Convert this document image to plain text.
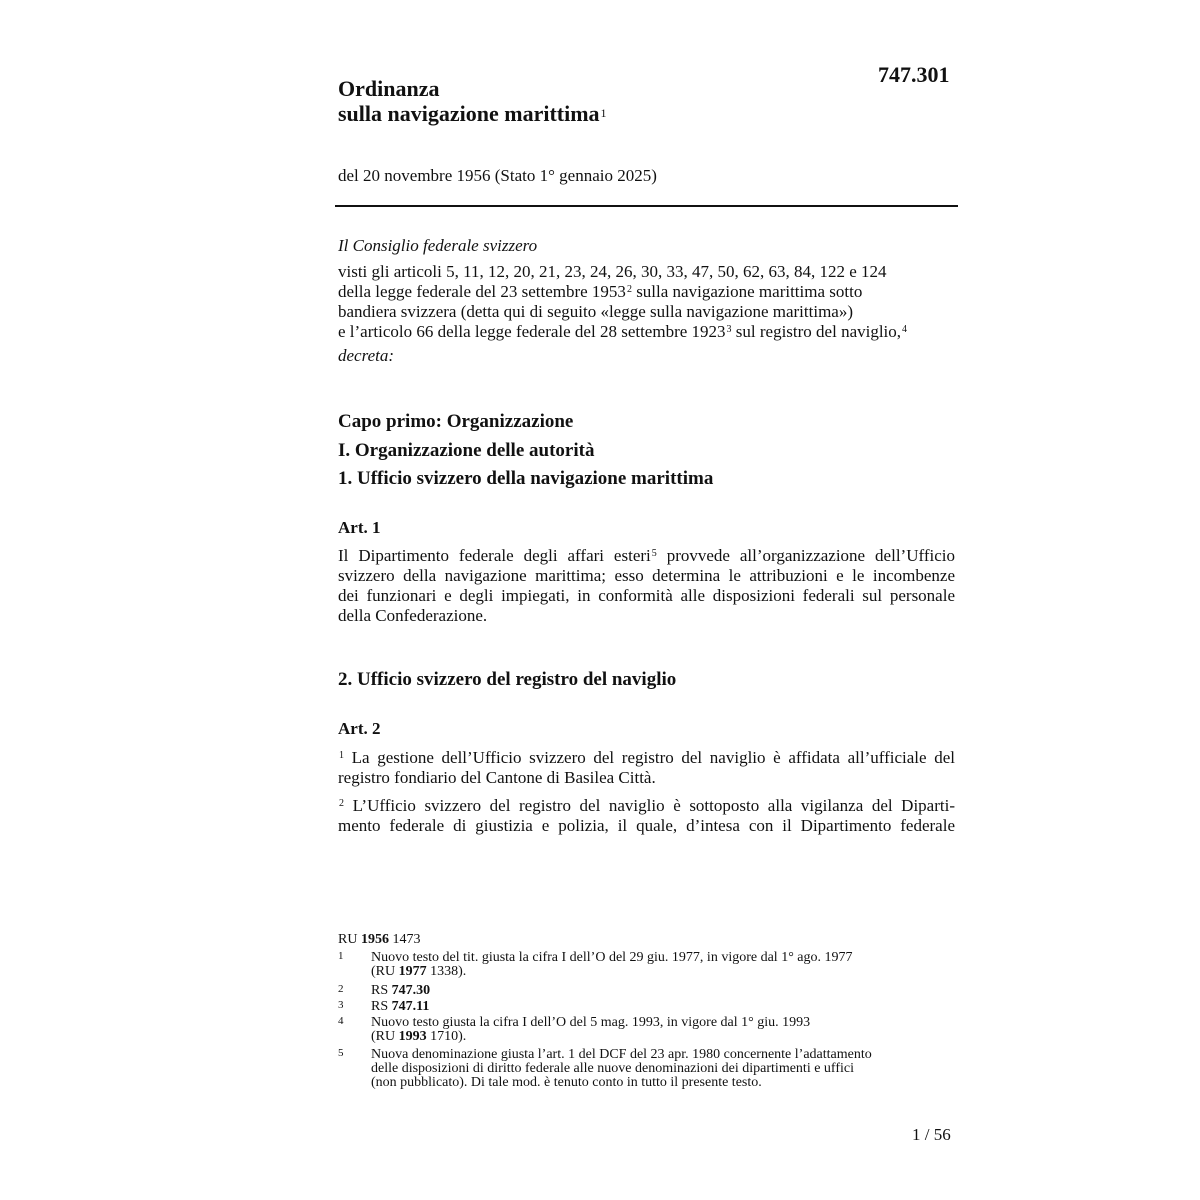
747.301
Ordinanza
sulla navigazione marittima$^1$
del 20 novembre 1956 (Stato 1° gennaio 2025)
Il Consiglio federale svizzero
visti gli articoli 5, 11, 12, 20, 21, 23, 24, 26, 30, 33, 47, 50, 62, 63, 84, 122 e 124
della legge federale del 23 settembre 1953$^2$ sulla navigazione marittima sotto
bandiera svizzera (detta qui di seguito «legge sulla navigazione marittima»)
e l’articolo 66 della legge federale del 28 settembre 1923$^3$ sul registro del naviglio,$^4$
decreta:
Capo primo: Organizzazione
I. Organizzazione delle autorità
1. Ufficio svizzero della navigazione marittima
Art. 1
Il Dipartimento federale degli affari esteri$^5$ provvede all’organizzazione dell’Ufficio
svizzero della navigazione marittima; esso determina le attribuzioni e le incombenze
dei funzionari e degli impiegati, in conformità alle disposizioni federali sul personale
della Confederazione.
2. Ufficio svizzero del registro del naviglio
Art. 2
$^1$ La gestione dell’Ufficio svizzero del registro del naviglio è affidata all’ufficiale del
registro fondiario del Cantone di Basilea Città.
$^2$ L’Ufficio svizzero del registro del naviglio è sottoposto alla vigilanza del Diparti-
mento federale di giustizia e polizia, il quale, d’intesa con il Dipartimento federale
RU 1956 1473
1 Nuovo testo del tit. giusta la cifra I dell’O del 29 giu. 1977, in vigore dal 1° ago. 1977
(RU 1977 1338).
2 RS 747.30
3 RS 747.11
4 Nuovo testo giusta la cifra I dell’O del 5 mag. 1993, in vigore dal 1° giu. 1993
(RU 1993 1710).
5 Nuova denominazione giusta l’art. 1 del DCF del 23 apr. 1980 concernente l’adattamento
delle disposizioni di diritto federale alle nuove denominazioni dei dipartimenti e uffici
(non pubblicato). Di tale mod. è tenuto conto in tutto il presente testo.
1 / 56
